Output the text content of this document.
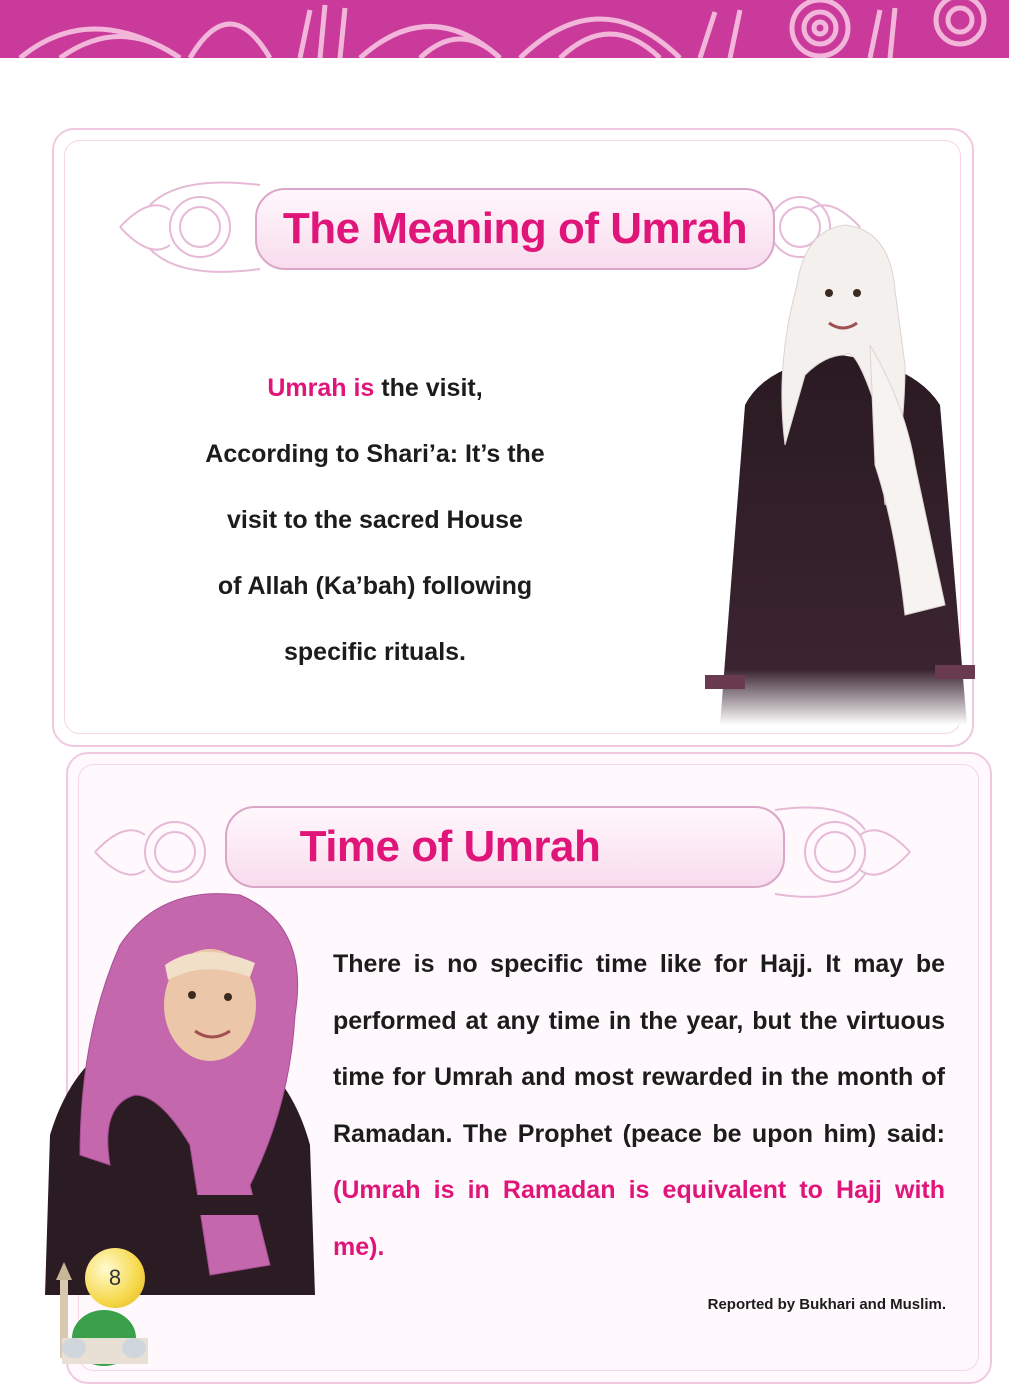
The Meaning of Umrah

Umrah is the visit,

According to Shari’a: It’s the

visit to the sacred House

of Allah (Ka’bah) following

specific rituals.

Time of Umrah

There is no specific time like for Hajj. It may be performed at any time in the year, but the virtuous time for Umrah and most rewarded in the month of Ramadan. The Prophet (peace be upon him) said: (Umrah is in Ramadan is equivalent to Hajj with me).

Reported by Bukhari and Muslim.
8
